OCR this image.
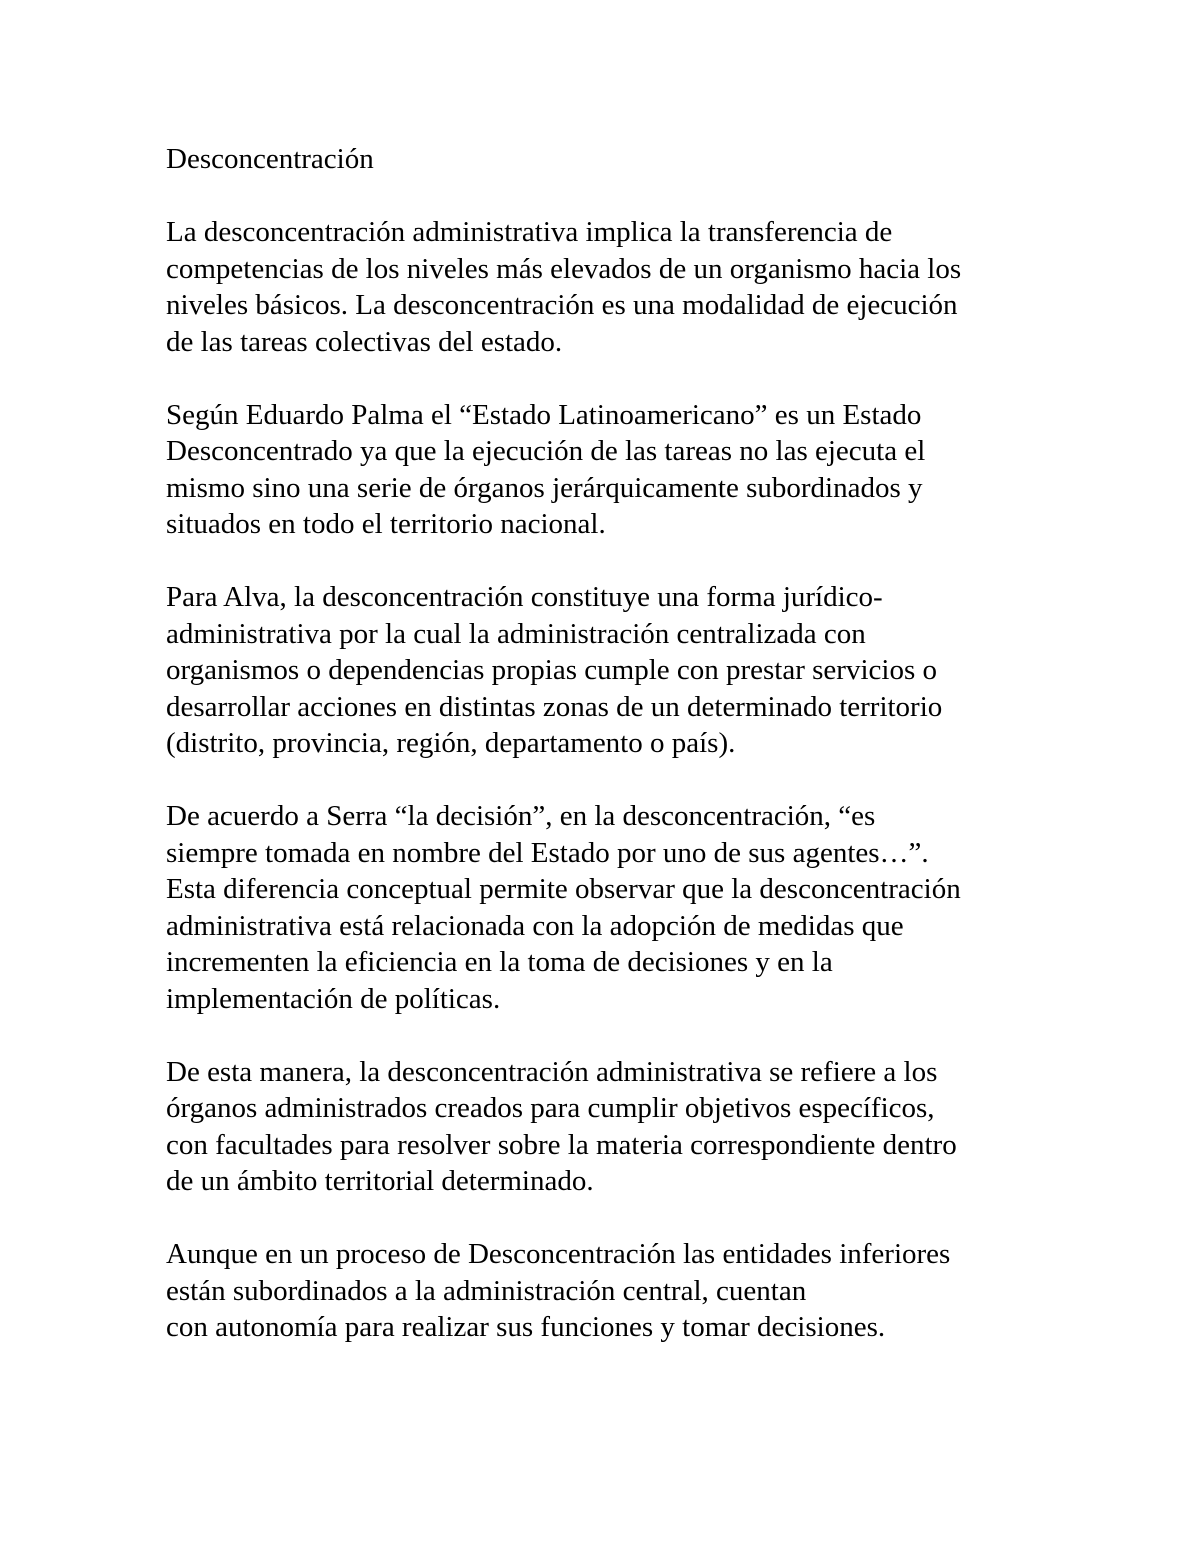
Desconcentración
La desconcentración administrativa implica la transferencia de
competencias de los niveles más elevados de un organismo hacia los
niveles básicos. La desconcentración es una modalidad de ejecución
de las tareas colectivas del estado.
Según Eduardo Palma el “Estado Latinoamericano” es un Estado
Desconcentrado ya que la ejecución de las tareas no las ejecuta el
mismo sino una serie de órganos jerárquicamente subordinados y
situados en todo el territorio nacional.
Para Alva, la desconcentración constituye una forma jurídico-
administrativa por la cual la administración centralizada con
organismos o dependencias propias cumple con prestar servicios o
desarrollar acciones en distintas zonas de un determinado territorio
(distrito, provincia, región, departamento o país).
De acuerdo a Serra “la decisión”, en la desconcentración, “es
siempre tomada en nombre del Estado por uno de sus agentes…”.
Esta diferencia conceptual permite observar que la desconcentración
administrativa está relacionada con la adopción de medidas que
incrementen la eficiencia en la toma de decisiones y en la
implementación de políticas.
De esta manera, la desconcentración administrativa se refiere a los
órganos administrados creados para cumplir objetivos específicos,
con facultades para resolver sobre la materia correspondiente dentro
de un ámbito territorial determinado.
Aunque en un proceso de Desconcentración las entidades inferiores
están subordinados a la administración central, cuentan
con autonomía para realizar sus funciones y tomar decisiones.
